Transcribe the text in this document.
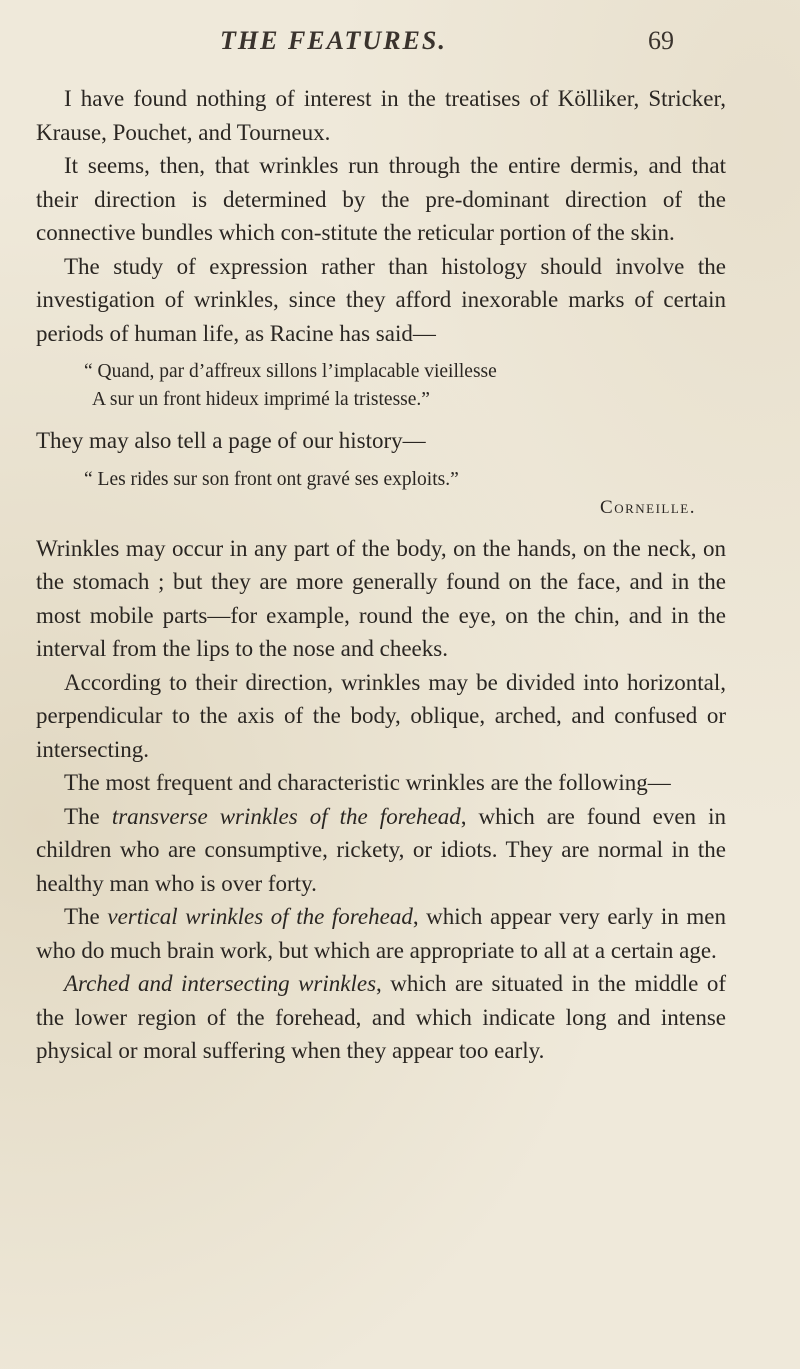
THE FEATURES.	69

I have found nothing of interest in the treatises of Kölliker, Stricker, Krause, Pouchet, and Tourneux.

It seems, then, that wrinkles run through the entire dermis, and that their direction is determined by the pre-dominant direction of the connective bundles which con-stitute the reticular portion of the skin.

The study of expression rather than histology should involve the investigation of wrinkles, since they afford inexorable marks of certain periods of human life, as Racine has said—

“ Quand, par d’affreux sillons l’implacable vieillesse
A sur un front hideux imprimé la tristesse.”

They may also tell a page of our history—

“ Les rides sur son front ont gravé ses exploits.”
Corneille.

Wrinkles may occur in any part of the body, on the hands, on the neck, on the stomach ; but they are more generally found on the face, and in the most mobile parts—for example, round the eye, on the chin, and in the interval from the lips to the nose and cheeks.

According to their direction, wrinkles may be divided into horizontal, perpendicular to the axis of the body, oblique, arched, and confused or intersecting.

The most frequent and characteristic wrinkles are the following—

The transverse wrinkles of the forehead, which are found even in children who are consumptive, rickety, or idiots. They are normal in the healthy man who is over forty.

The vertical wrinkles of the forehead, which appear very early in men who do much brain work, but which are appropriate to all at a certain age.

Arched and intersecting wrinkles, which are situated in the middle of the lower region of the forehead, and which indicate long and intense physical or moral suffering when they appear too early.
